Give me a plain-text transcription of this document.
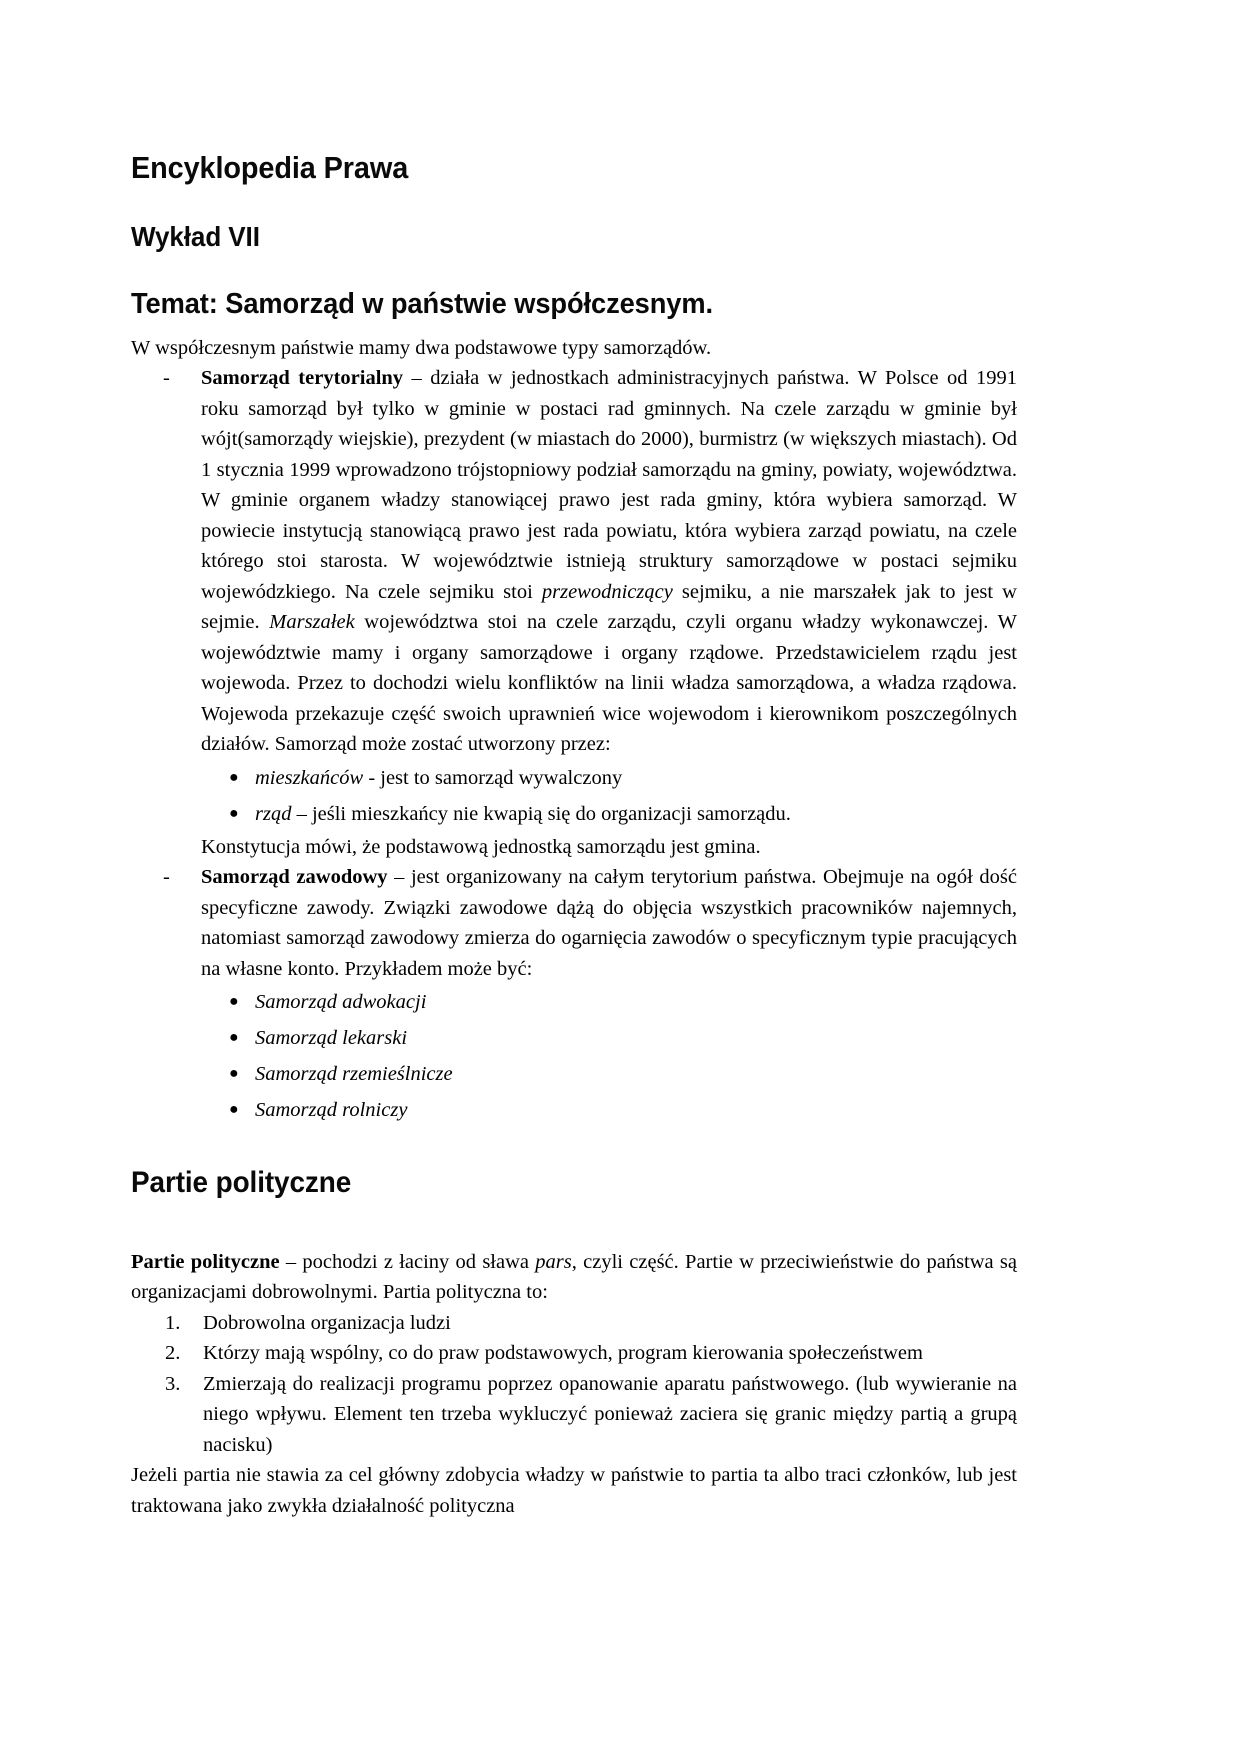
Encyklopedia Prawa
Wykład VII
Temat: Samorząd w państwie współczesnym.

W współczesnym państwie mamy dwa podstawowe typy samorządów.

- Samorząd terytorialny – działa w jednostkach administracyjnych państwa. W Polsce od 1991 roku samorząd był tylko w gminie w postaci rad gminnych. Na czele zarządu w gminie był wójt(samorządy wiejskie), prezydent (w miastach do 2000), burmistrz (w większych miastach). Od 1 stycznia 1999 wprowadzono trójstopniowy podział samorządu na gminy, powiaty, województwa. W gminie organem władzy stanowiącej prawo jest rada gminy, która wybiera samorząd. W powiecie instytucją stanowiącą prawo jest rada powiatu, która wybiera zarząd powiatu, na czele którego stoi starosta. W województwie istnieją struktury samorządowe w postaci sejmiku wojewódzkiego. Na czele sejmiku stoi przewodniczący sejmiku, a nie marszałek jak to jest w sejmie. Marszałek województwa stoi na czele zarządu, czyli organu władzy wykonawczej. W województwie mamy i organy samorządowe i organy rządowe. Przedstawicielem rządu jest wojewoda. Przez to dochodzi wielu konfliktów na linii władza samorządowa, a władza rządowa. Wojewoda przekazuje część swoich uprawnień wice wojewodom i kierownikom poszczególnych działów. Samorząd może zostać utworzony przez:
● mieszkańców - jest to samorząd wywalczony
● rząd – jeśli mieszkańcy nie kwapią się do organizacji samorządu.
Konstytucja mówi, że podstawową jednostką samorządu jest gmina.
- Samorząd zawodowy – jest organizowany na całym terytorium państwa. Obejmuje na ogół dość specyficzne zawody. Związki zawodowe dążą do objęcia wszystkich pracowników najemnych, natomiast samorząd zawodowy zmierza do ogarnięcia zawodów o specyficznym typie pracujących na własne konto. Przykładem może być:
● Samorząd adwokacji
● Samorząd lekarski
● Samorząd rzemieślnicze
● Samorząd rolniczy
Partie polityczne

Partie polityczne – pochodzi z łaciny od sława pars, czyli część. Partie w przeciwieństwie do państwa są organizacjami dobrowolnymi. Partia polityczna to:

1.	Dobrowolna organizacja ludzi
2.	Którzy mają wspólny, co do praw podstawowych, program kierowania społeczeństwem
3.	Zmierzają do realizacji programu poprzez opanowanie aparatu państwowego. (lub wywieranie na niego wpływu. Element ten trzeba wykluczyć ponieważ zaciera się granic między partią a grupą nacisku)

Jeżeli partia nie stawia za cel główny zdobycia władzy w państwie to partia ta albo traci członków, lub jest traktowana jako zwykła działalność polityczna
